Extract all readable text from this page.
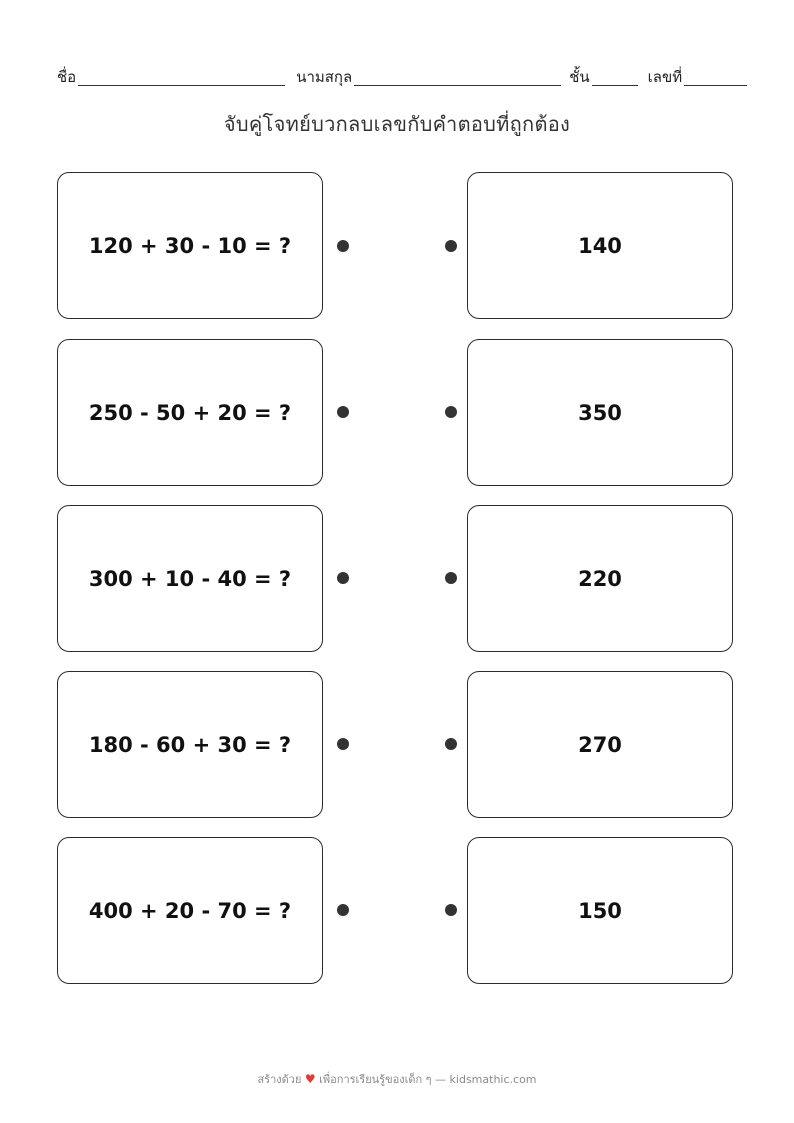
ชื่อ	นามสกุล	ชั้น	เลขที่
จับคู่โจทย์บวกลบเลขกับคำตอบที่ถูกต้อง
120 + 30 - 10 = ?	140
250 - 50 + 20 = ?	350
300 + 10 - 40 = ?	220
180 - 60 + 30 = ?	270
400 + 20 - 70 = ?	150
สร้างด้วย ♥ เพื่อการเรียนรู้ของเด็ก ๆ — kidsmathic.com
